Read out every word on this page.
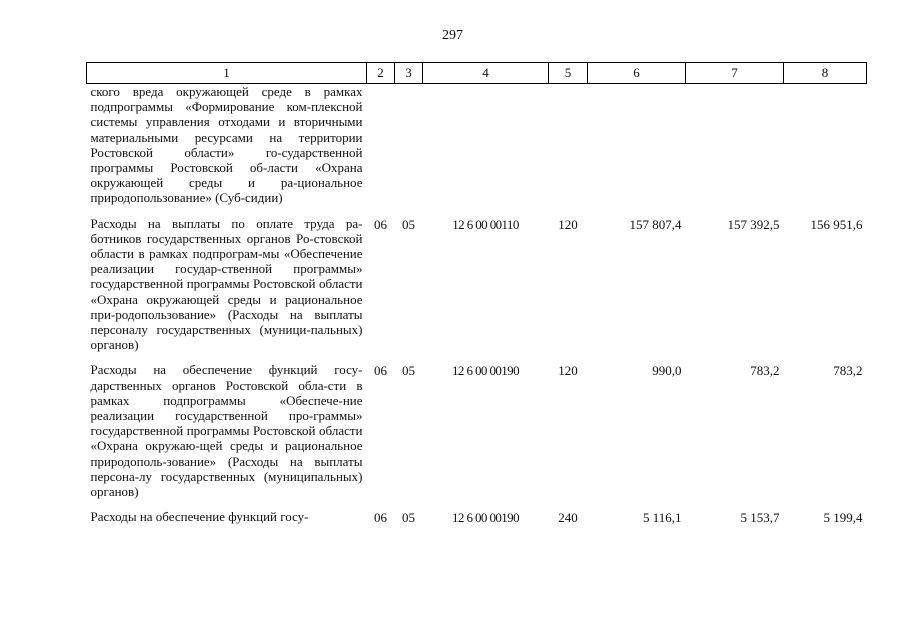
297
1	2	3	4	5	6	7	8
ского вреда окружающей среде в рамках подпрограммы «Формирование ком-плексной системы управления отходами и вторичными материальными ресурсами на территории Ростовской области» го-сударственной программы Ростовской об-ласти «Охрана окружающей среды и ра-циональное природопользование» (Суб-сидии)							
Расходы на выплаты по оплате труда ра-ботников государственных органов Ро-стовской области в рамках подпрограм-мы «Обеспечение реализации государ-ственной программы» государственной программы Ростовской области «Охрана окружающей среды и рациональное при-родопользование» (Расходы на выплаты персоналу государственных (муници-пальных) органов)	06	05	12 6 00 00110	120	157 807,4	157 392,5	156 951,6
Расходы на обеспечение функций госу-дарственных органов Ростовской обла-сти в рамках подпрограммы «Обеспече-ние реализации государственной про-граммы» государственной программы Ростовской области «Охрана окружаю-щей среды и рациональное природополь-зование» (Расходы на выплаты персона-лу государственных (муниципальных) органов)	06	05	12 6 00 00190	120	990,0	783,2	783,2
Расходы на обеспечение функций госу-	06	05	12 6 00 00190	240	5 116,1	5 153,7	5 199,4
